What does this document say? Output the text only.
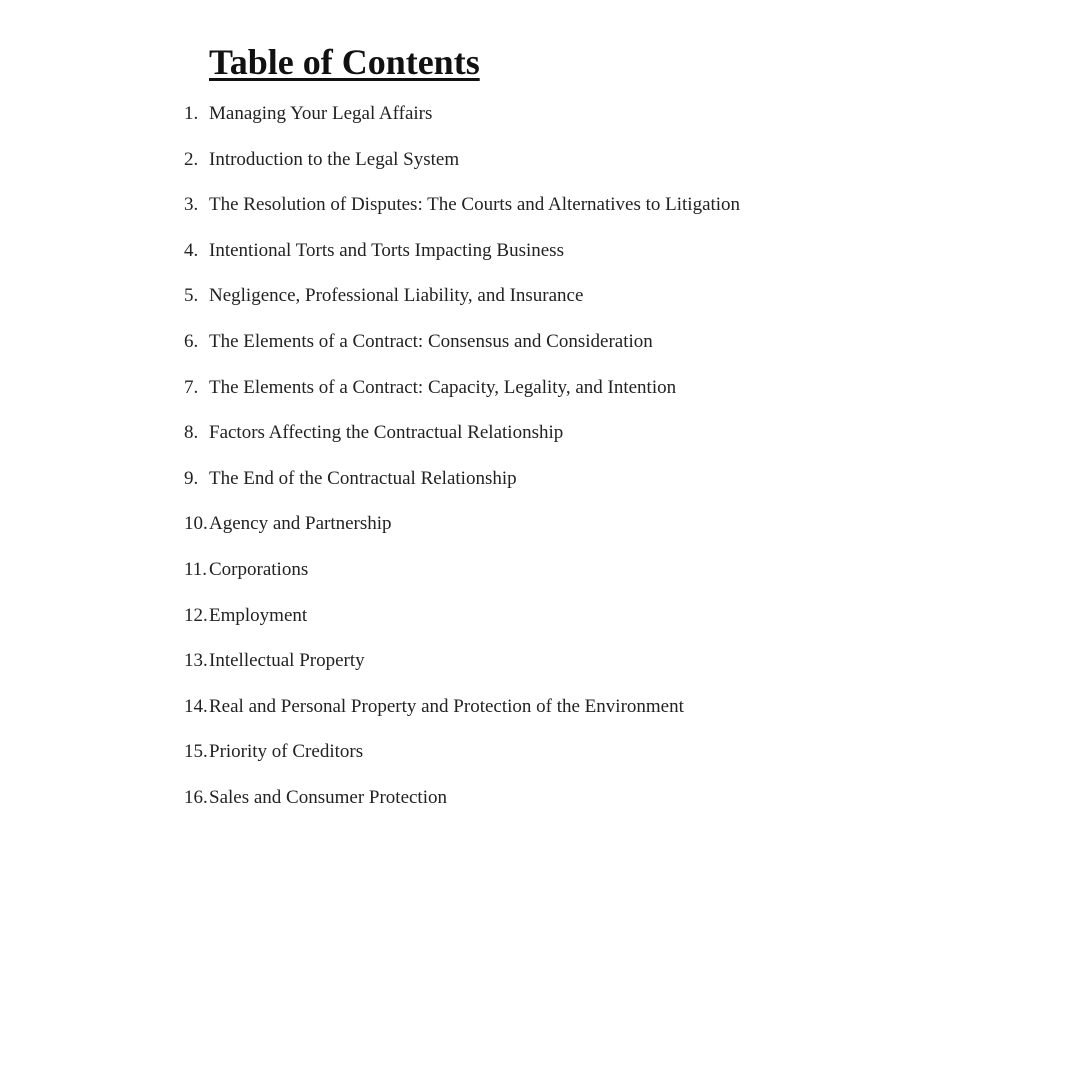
Table of Contents
1. Managing Your Legal Affairs
2. Introduction to the Legal System
3. The Resolution of Disputes: The Courts and Alternatives to Litigation
4. Intentional Torts and Torts Impacting Business
5. Negligence, Professional Liability, and Insurance
6. The Elements of a Contract: Consensus and Consideration
7. The Elements of a Contract: Capacity, Legality, and Intention
8. Factors Affecting the Contractual Relationship
9. The End of the Contractual Relationship
10. Agency and Partnership
11. Corporations
12. Employment
13. Intellectual Property
14. Real and Personal Property and Protection of the Environment
15. Priority of Creditors
16. Sales and Consumer Protection
